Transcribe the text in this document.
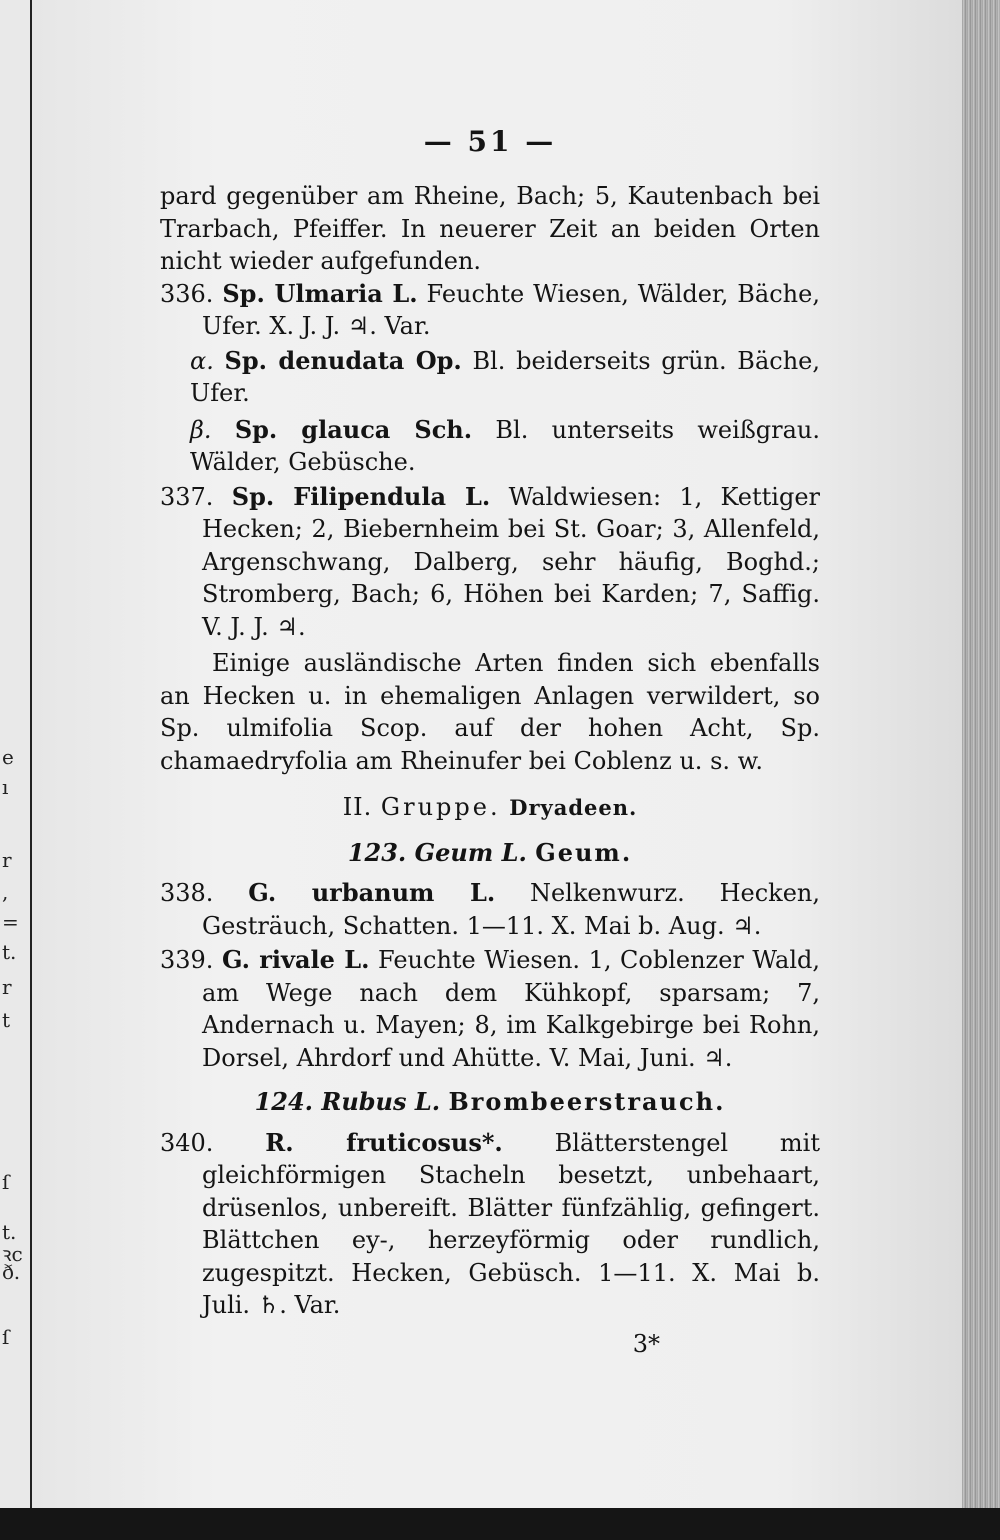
e
ı
r
,
=
t.
r
t
ſ
t.
ꝛc
ð.
ſ
— 51 —

pard gegenüber am Rheine, Bach; 5, Kautenbach bei Trarbach, Pfeiffer. In neuerer Zeit an beiden Orten nicht wieder aufgefunden.

336. Sp. Ulmaria L. Feuchte Wiesen, Wälder, Bäche, Ufer. X. J. J. ♃. Var.

α. Sp. denudata Op. Bl. beiderseits grün. Bäche, Ufer.

β. Sp. glauca Sch. Bl. unterseits weißgrau. Wälder, Gebüsche.

337. Sp. Filipendula L. Waldwiesen: 1, Kettiger Hecken; 2, Biebernheim bei St. Goar; 3, Allenfeld, Argenschwang, Dalberg, sehr häufig, Boghd.; Stromberg, Bach; 6, Höhen bei Karden; 7, Saffig. V. J. J. ♃.

Einige ausländische Arten finden sich ebenfalls an Hecken u. in ehemaligen Anlagen verwildert, so Sp. ulmifolia Scop. auf der hohen Acht, Sp. chamaedryfolia am Rheinufer bei Coblenz u. s. w.

II. Gruppe. Dryadeen.

123. Geum L. Geum.

338. G. urbanum L. Nelkenwurz. Hecken, Gesträuch, Schatten. 1—11. X. Mai b. Aug. ♃.

339. G. rivale L. Feuchte Wiesen. 1, Coblenzer Wald, am Wege nach dem Kühkopf, sparsam; 7, Andernach u. Mayen; 8, im Kalkgebirge bei Rohn, Dorsel, Ahrdorf und Ahütte. V. Mai, Juni. ♃.

124. Rubus L. Brombeerstrauch.

340. R. fruticosus*. Blätterstengel mit gleichförmigen Stacheln besetzt, unbehaart, drüsenlos, unbereift. Blätter fünfzählig, gefingert. Blättchen ey-, herzeyförmig oder rundlich, zugespitzt. Hecken, Gebüsch. 1—11. X. Mai b. Juli. ♄. Var.

3*
